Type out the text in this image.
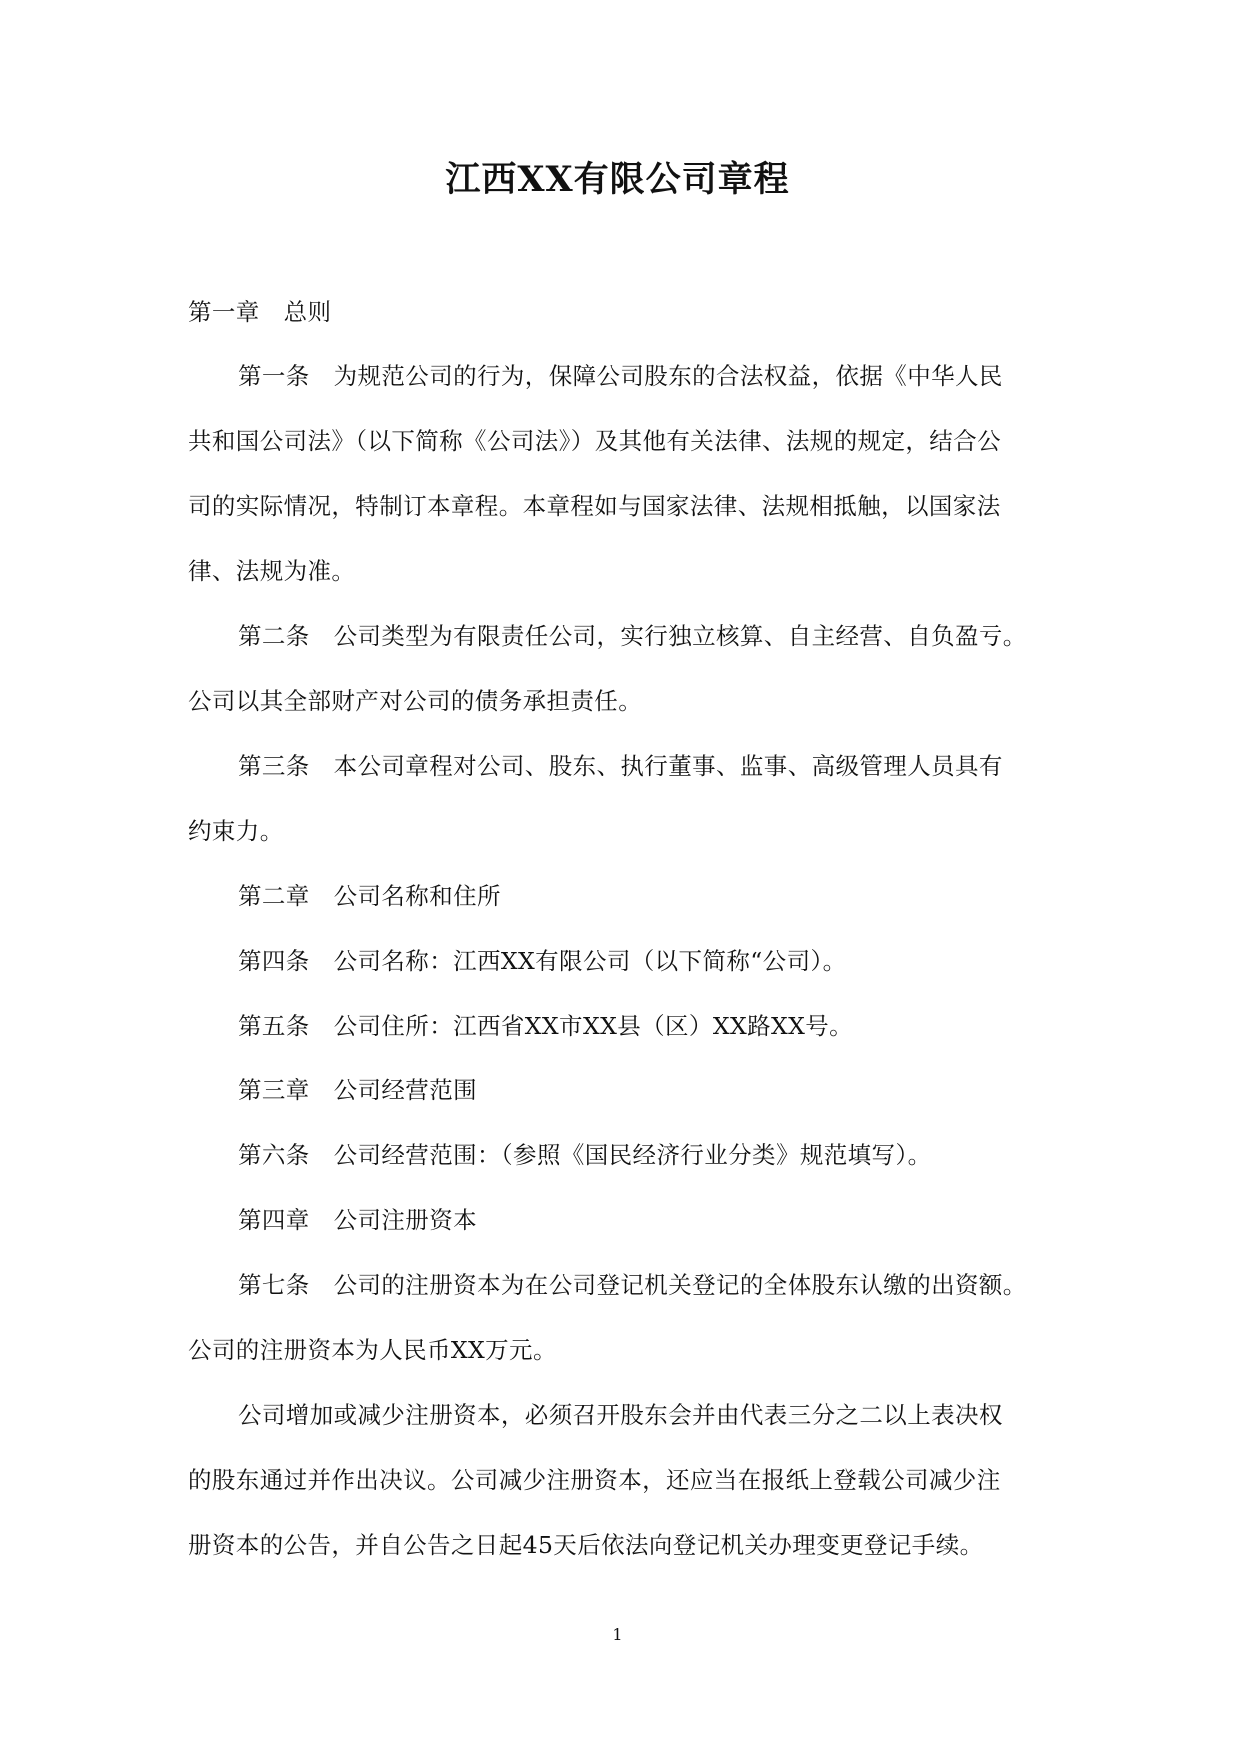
江西XX有限公司章程
第一章　总则
第一条　为规范公司的行为，保障公司股东的合法权益，依据《中华人民
共和国公司法》（以下简称《公司法》）及其他有关法律、法规的规定，结合公
司的实际情况，特制订本章程。本章程如与国家法律、法规相抵触，以国家法
律、法规为准。
第二条　公司类型为有限责任公司，实行独立核算、自主经营、自负盈亏。
公司以其全部财产对公司的债务承担责任。
第三条　本公司章程对公司、股东、执行董事、监事、高级管理人员具有
约束力。
第二章　公司名称和住所
第四条　公司名称：江西XX有限公司（以下简称“公司）。
第五条　公司住所：江西省XX市XX县（区）XX路XX号。
第三章　公司经营范围
第六条　公司经营范围：（参照《国民经济行业分类》规范填写）。
第四章　公司注册资本
第七条　公司的注册资本为在公司登记机关登记的全体股东认缴的出资额。
公司的注册资本为人民币XX万元。
公司增加或减少注册资本，必须召开股东会并由代表三分之二以上表决权
的股东通过并作出决议。公司减少注册资本，还应当在报纸上登载公司减少注
册资本的公告，并自公告之日起45天后依法向登记机关办理变更登记手续。
1
